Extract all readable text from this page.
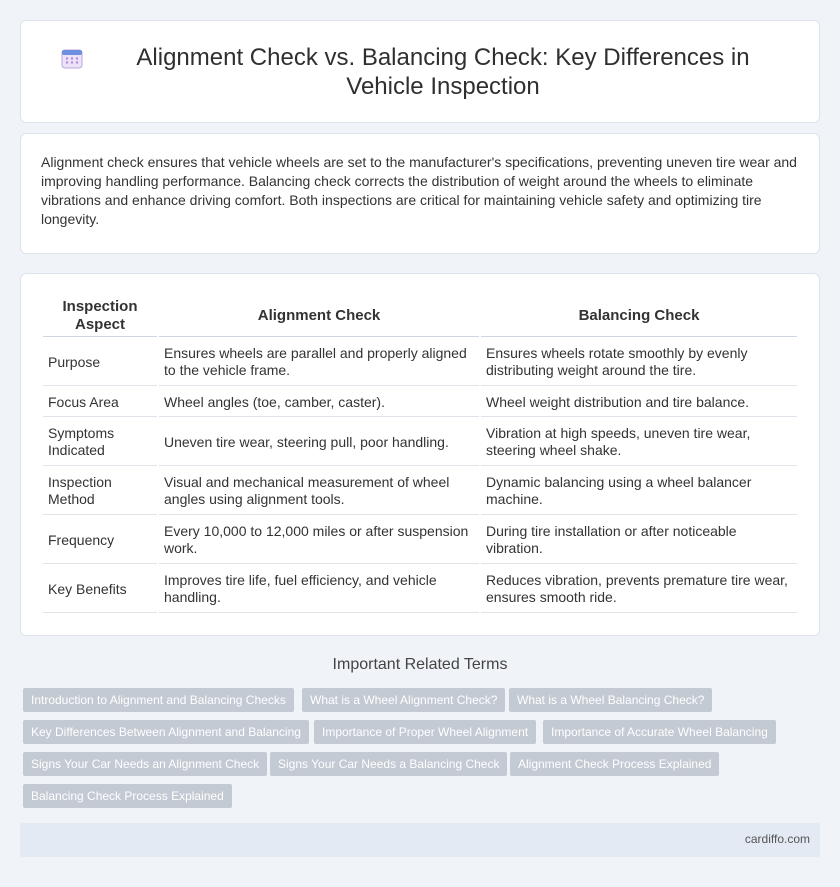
Alignment Check vs. Balancing Check: Key Differences in Vehicle Inspection

Alignment check ensures that vehicle wheels are set to the manufacturer's specifications, preventing uneven tire wear and improving handling performance. Balancing check corrects the distribution of weight around the wheels to eliminate vibrations and enhance driving comfort. Both inspections are critical for maintaining vehicle safety and optimizing tire longevity.

Inspection Aspect	Alignment Check	Balancing Check
Purpose	Ensures wheels are parallel and properly aligned to the vehicle frame.	Ensures wheels rotate smoothly by evenly distributing weight around the tire.
Focus Area	Wheel angles (toe, camber, caster).	Wheel weight distribution and tire balance.
Symptoms Indicated	Uneven tire wear, steering pull, poor handling.	Vibration at high speeds, uneven tire wear, steering wheel shake.
Inspection Method	Visual and mechanical measurement of wheel angles using alignment tools.	Dynamic balancing using a wheel balancer machine.
Frequency	Every 10,000 to 12,000 miles or after suspension work.	During tire installation or after noticeable vibration.
Key Benefits	Improves tire life, fuel efficiency, and vehicle handling.	Reduces vibration, prevents premature tire wear, ensures smooth ride.
Important Related Terms
Introduction to Alignment and Balancing Checks	What is a Wheel Alignment Check?	What is a Wheel Balancing Check?
Key Differences Between Alignment and Balancing	Importance of Proper Wheel Alignment	Importance of Accurate Wheel Balancing
Signs Your Car Needs an Alignment Check	Signs Your Car Needs a Balancing Check	Alignment Check Process Explained
Balancing Check Process Explained
cardiffo.com
